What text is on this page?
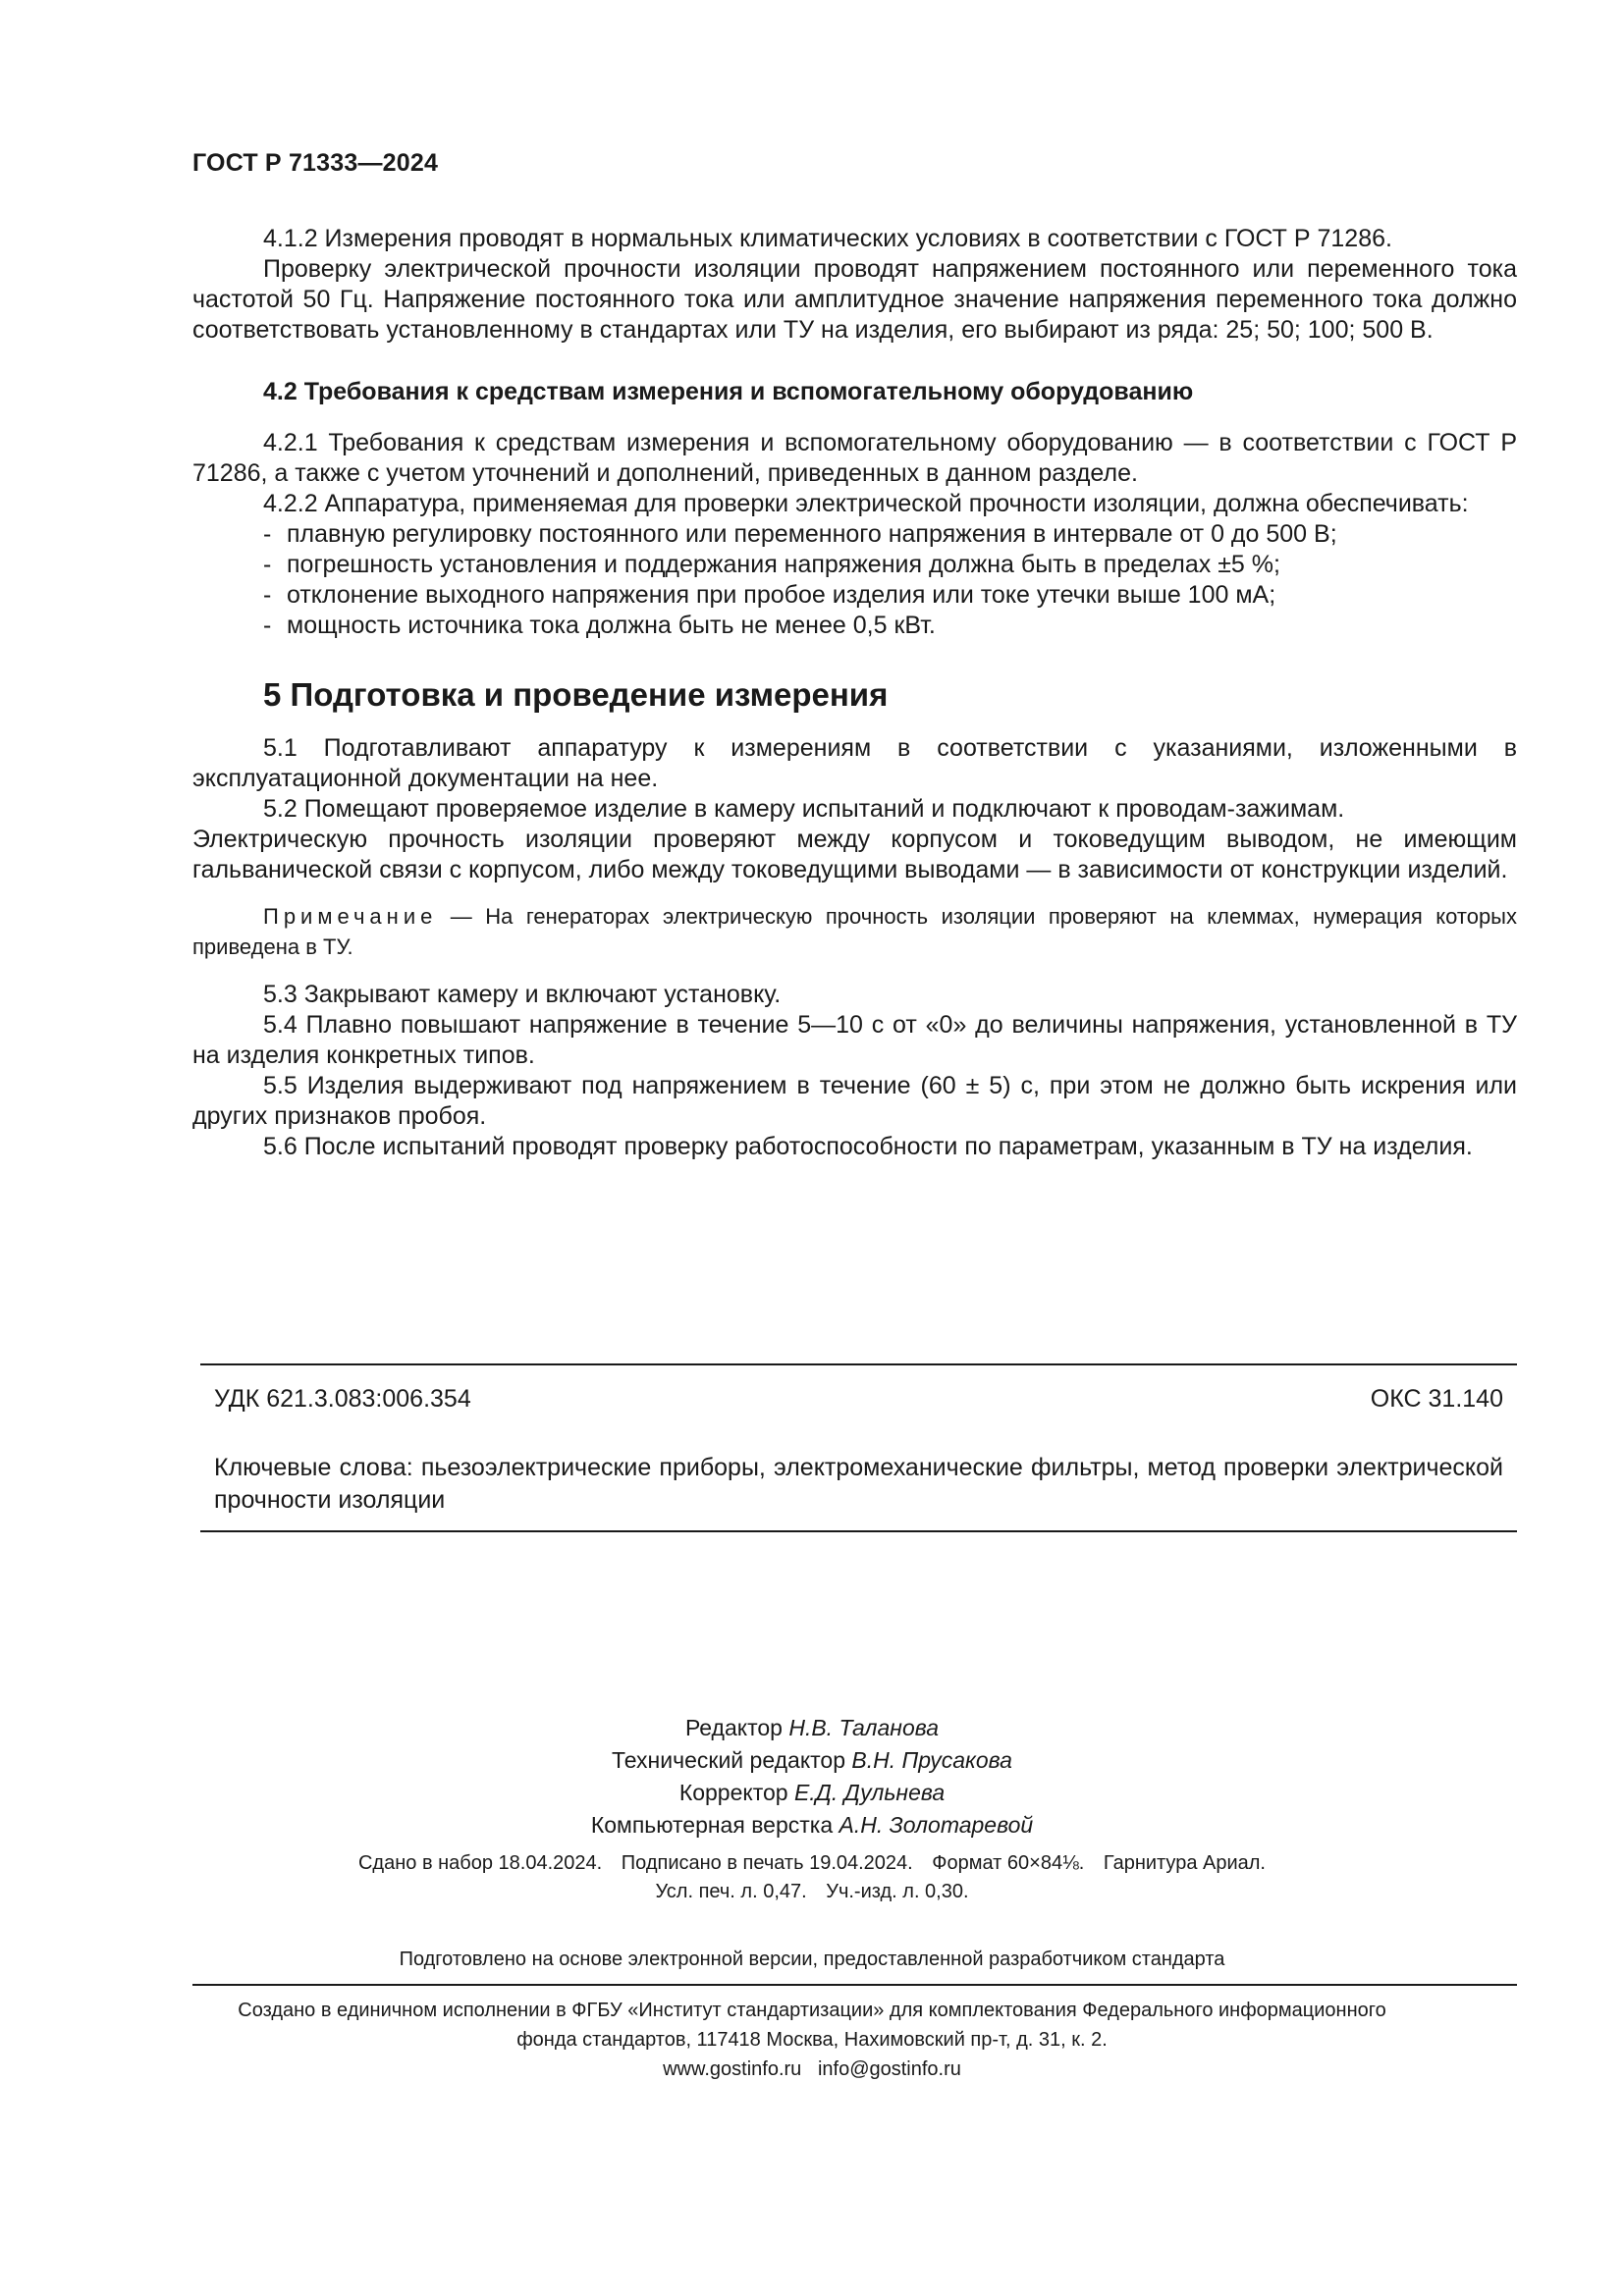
ГОСТ Р 71333—2024

4.1.2 Измерения проводят в нормальных климатических условиях в соответствии с ГОСТ Р 71286.

Проверку электрической прочности изоляции проводят напряжением постоянного или переменного тока частотой 50 Гц. Напряжение постоянного тока или амплитудное значение напряжения переменного тока должно соответствовать установленному в стандартах или ТУ на изделия, его выбирают из ряда: 25; 50; 100; 500 В.

4.2 Требования к средствам измерения и вспомогательному оборудованию

4.2.1 Требования к средствам измерения и вспомогательному оборудованию — в соответствии с ГОСТ Р 71286, а также с учетом уточнений и дополнений, приведенных в данном разделе.

4.2.2 Аппаратура, применяемая для проверки электрической прочности изоляции, должна обеспечивать:

- плавную регулировку постоянного или переменного напряжения в интервале от 0 до 500 В;

- погрешность установления и поддержания напряжения должна быть в пределах ±5 %;

- отклонение выходного напряжения при пробое изделия или токе утечки выше 100 мА;

- мощность источника тока должна быть не менее 0,5 кВт.

5 Подготовка и проведение измерения

5.1 Подготавливают аппаратуру к измерениям в соответствии с указаниями, изложенными в эксплуатационной документации на нее.

5.2 Помещают проверяемое изделие в камеру испытаний и подключают к проводам-зажимам.

Электрическую прочность изоляции проверяют между корпусом и токоведущим выводом, не имеющим гальванической связи с корпусом, либо между токоведущими выводами — в зависимости от конструкции изделий.

Примечание — На генераторах электрическую прочность изоляции проверяют на клеммах, нумерация которых приведена в ТУ.

5.3 Закрывают камеру и включают установку.

5.4 Плавно повышают напряжение в течение 5—10 с от «0» до величины напряжения, установленной в ТУ на изделия конкретных типов.

5.5 Изделия выдерживают под напряжением в течение (60 ± 5) с, при этом не должно быть искрения или других признаков пробоя.

5.6 После испытаний проводят проверку работоспособности по параметрам, указанным в ТУ на изделия.

УДК 621.3.083:006.354	ОКС 31.140
Ключевые слова: пьезоэлектрические приборы, электромеханические фильтры, метод проверки электрической прочности изоляции
Редактор Н.В. Таланова
Технический редактор В.Н. Прусакова
Корректор Е.Д. Дульнева
Компьютерная верстка А.Н. Золотаревой
Сдано в набор 18.04.2024. Подписано в печать 19.04.2024. Формат 60×84⅛. Гарнитура Ариал.
Усл. печ. л. 0,47. Уч.-изд. л. 0,30.
Подготовлено на основе электронной версии, предоставленной разработчиком стандарта
Создано в единичном исполнении в ФГБУ «Институт стандартизации» для комплектования Федерального информационного
фонда стандартов, 117418 Москва, Нахимовский пр-т, д. 31, к. 2.
www.gostinfo.ru info@gostinfo.ru
